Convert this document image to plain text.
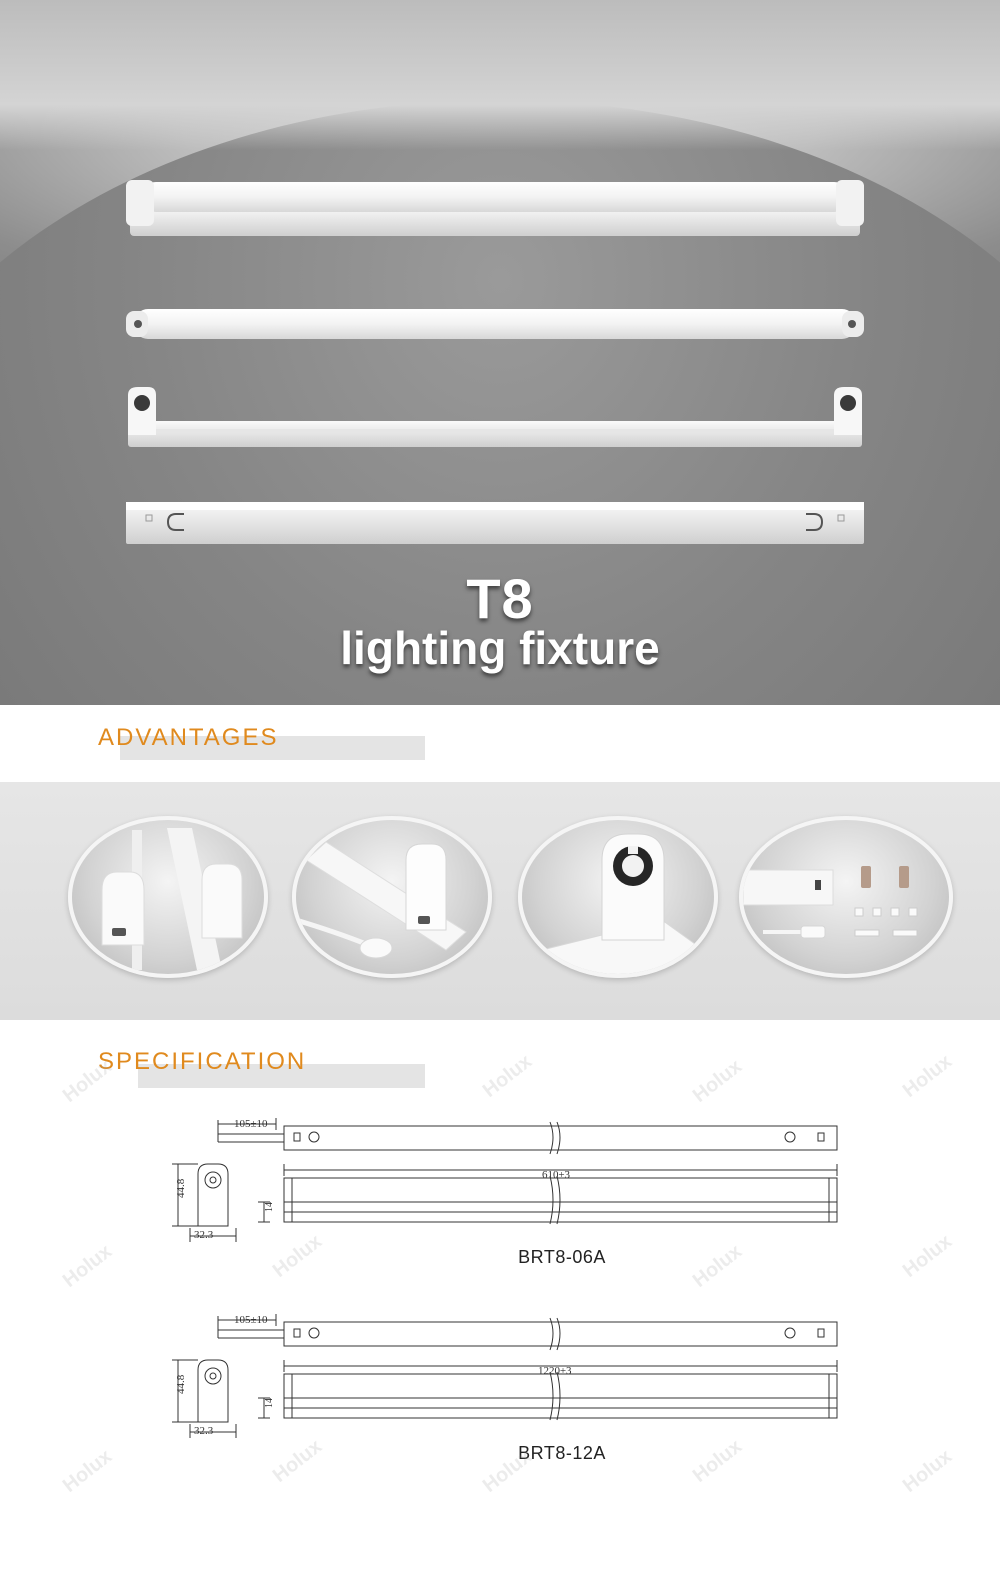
T8
lighting fixture
ADVANTAGES
SPECIFICATION
105±10
610±3
44.8
32.3
14
BRT8-06A
105±10
1220±3
44.8
32.3
14
BRT8-12A
Holux	Holux	Holux	Holux
Holux	Holux	Holux	Holux
Holux	Holux	Holux	Holux	Holux
